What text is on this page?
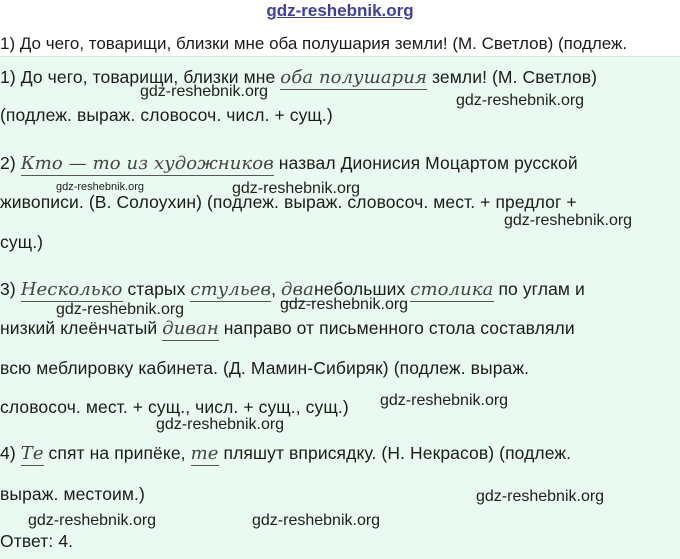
gdz-reshebnik.org
1) До чего, товарищи, близки мне оба полушария земли! (М. Светлов) (подлеж.
1) До чего, товарищи, близки мне оба полушария земли! (М. Светлов)
(подлеж. выраж. словосоч. числ. + сущ.)
2) Кто — то из художников назвал Дионисия Моцартом русской
живописи. (В. Солоухин) (подлеж. выраж. словосоч. мест. + предлог +
сущ.)
3) Несколько старых стульев, дванебольших столика по углам и
низкий клеёнчатый диван направо от письменного стола составляли
всю меблировку кабинета. (Д. Мамин-Сибиряк) (подлеж. выраж.
словосоч. мест. + сущ., числ. + сущ., сущ.)
4) Те спят на припёке, те пляшут вприсядку. (Н. Некрасов) (подлеж.
выраж. местоим.)
Ответ: 4.
gdz-reshebnik.org
gdz-reshebnik.org
gdz-reshebnik.org	gdz-reshebnik.org
gdz-reshebnik.org
gdz-reshebnik.org	gdz-reshebnik.org
gdz-reshebnik.org
gdz-reshebnik.org
gdz-reshebnik.org
gdz-reshebnik.org	gdz-reshebnik.org
